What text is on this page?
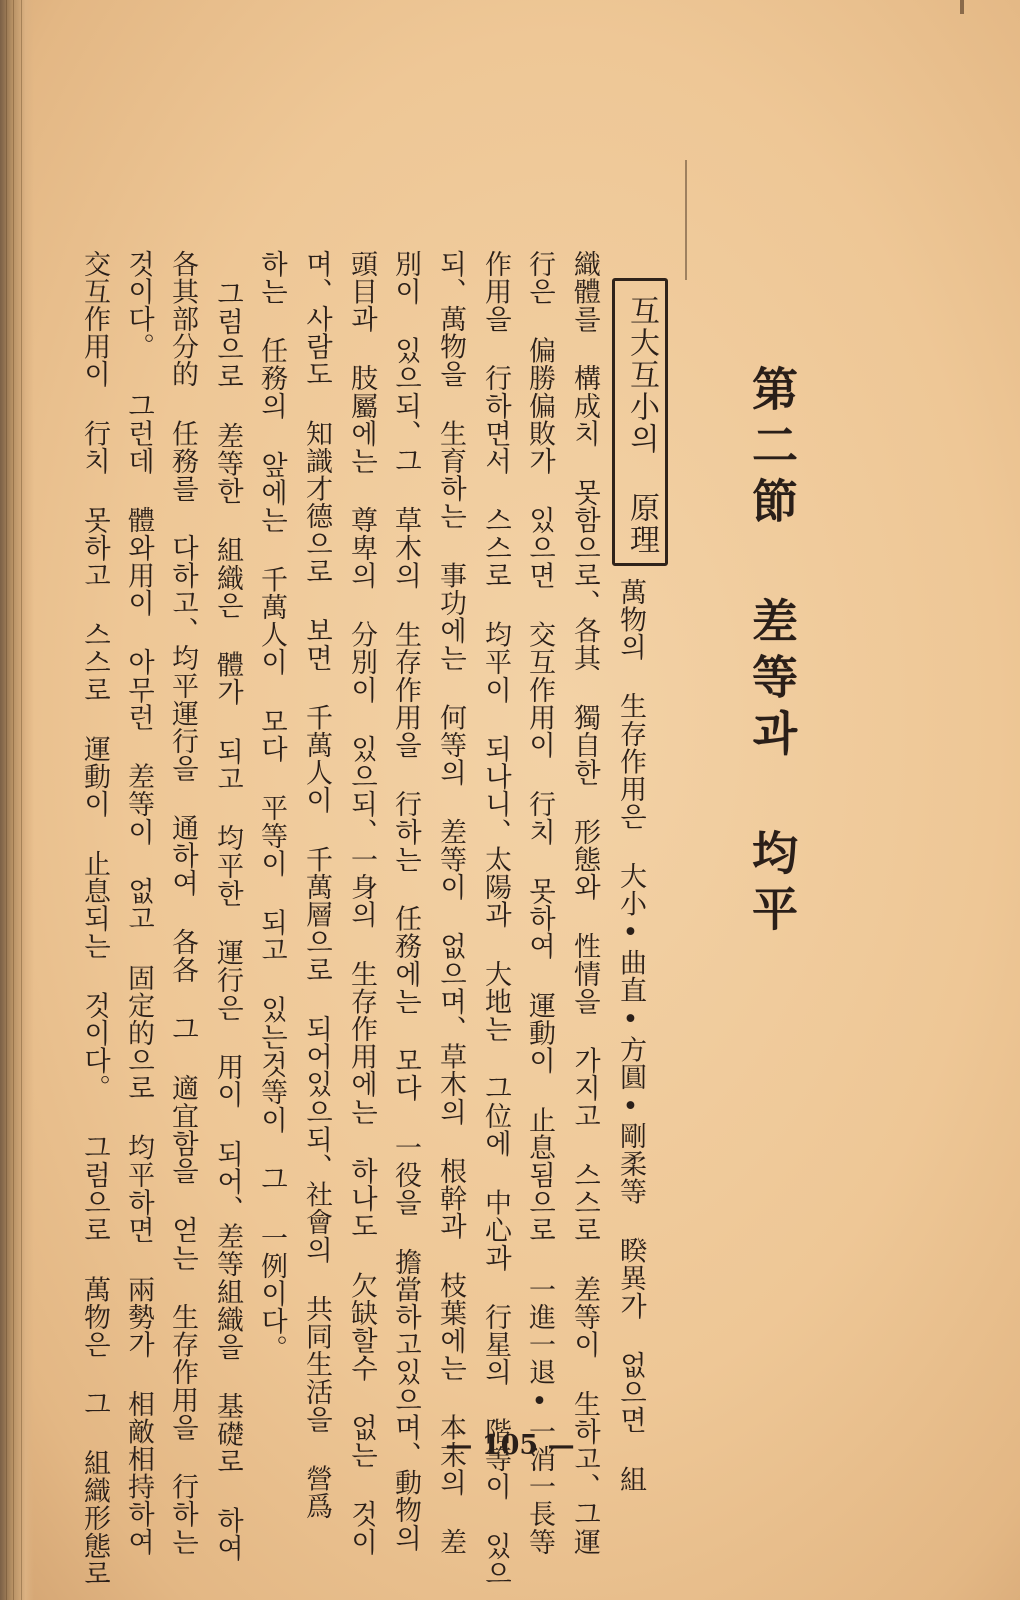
第二節 差等과 均平
互大互小의 原理

萬物의 生存作用은 大小•曲直•方圓•剛柔等 睽異가 없으면 組

織體를 構成치 못함으로、各其 獨自한 形態와 性情을 가지고 스스로 差等이 生하고、그運

行은 偏勝偏敗가 있으면 交互作用이 行치 못하여 運動이 止息됨으로 一進一退•一消一長等

作用을 行하면서 스스로 均平이 되나니、太陽과 大地는 그位에 中心과 行星의 階等이 있으

되、萬物을 生育하는 事功에는 何等의 差等이 없으며、草木의 根幹과 枝葉에는 本末의 差

別이 있으되、그 草木의 生存作用을 行하는 任務에는 모다 一役을 擔當하고있으며、動物의

頭目과 肢屬에는 尊卑의 分別이 있으되、一身의 生存作用에는 하나도 欠缺할수 없는 것이

며、사람도 知識才德으로 보면 千萬人이 千萬層으로 되어있으되、社會의 共同生活을 營爲

하는 任務의 앞에는 千萬人이 모다 平等이 되고 있는것等이 그 一例이다。

그럼으로 差等한 組織은 體가 되고 均平한 運行은 用이 되어、差等組織을 基礎로 하여

各其部分的 任務를 다하고、均平運行을 通하여 各各 그 適宜함을 얻는 生存作用을 行하는

것이다。 그런데 體와用이 아무런 差等이 없고 固定的으로 均平하면 兩勢가 相敵相持하여

交互作用이 行치 못하고 스스로 運動이 止息되는 것이다。 그럼으로 萬物은 그 組織形態로	— 105 —
